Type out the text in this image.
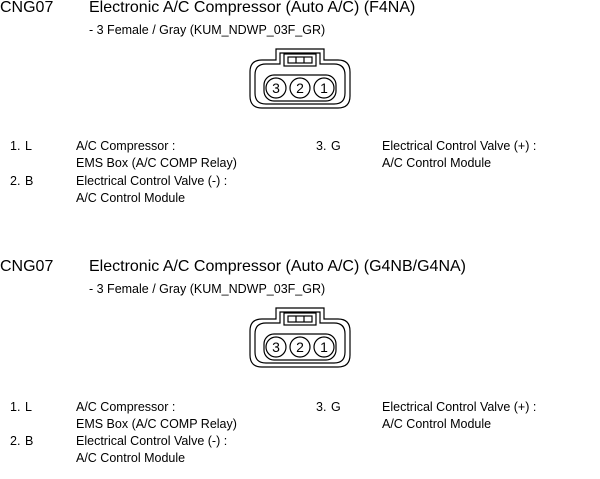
CNG07 Electronic A/C Compressor (Auto A/C) (F4NA)
- 3 Female / Gray (KUM_NDWP_03F_GR)
3 2 1
1. L	A/C Compressor :
EMS Box (A/C COMP Relay)
2. B	Electrical Control Valve (-) :
A/C Control Module
3. G	Electrical Control Valve (+) :
A/C Control Module
CNG07 Electronic A/C Compressor (Auto A/C) (G4NB/G4NA)
- 3 Female / Gray (KUM_NDWP_03F_GR)
3 2 1
1. L	A/C Compressor :
EMS Box (A/C COMP Relay)
2. B	Electrical Control Valve (-) :
A/C Control Module
3. G	Electrical Control Valve (+) :
A/C Control Module
